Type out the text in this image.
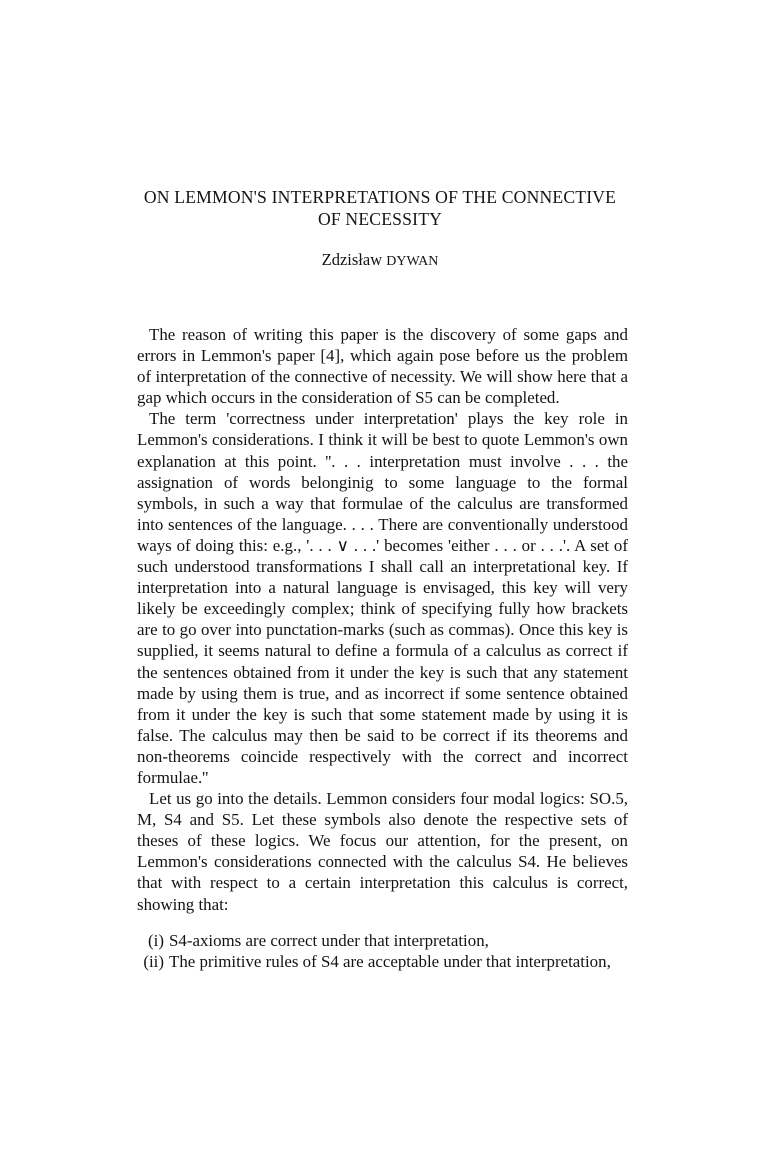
ON LEMMON'S INTERPRETATIONS OF THE CONNECTIVE
OF NECESSITY
Zdzisław DYWAN

The reason of writing this paper is the discovery of some gaps and errors in Lemmon's paper [4], which again pose before us the problem of interpretation of the connective of necessity. We will show here that a gap which occurs in the consideration of S5 can be completed.

The term 'correctness under interpretation' plays the key role in Lemmon's considerations. I think it will be best to quote Lemmon's own explanation at this point. ''. . . interpretation must involve . . . the assignation of words belonginig to some language to the formal symbols, in such a way that formulae of the calculus are transformed into sentences of the language. . . . There are conventionally understood ways of doing this: e.g., '. . . ∨ . . .' becomes 'either . . . or . . .'. A set of such understood transformations I shall call an interpretational key. If interpretation into a natural language is envisaged, this key will very likely be exceedingly complex; think of specifying fully how brackets are to go over into punctation-marks (such as commas). Once this key is supplied, it seems natural to define a formula of a calculus as correct if the sentences obtained from it under the key is such that any statement made by using them is true, and as incorrect if some sentence obtained from it under the key is such that some statement made by using it is false. The calculus may then be said to be correct if its theorems and non-theorems coincide respectively with the correct and incorrect formulae.''

Let us go into the details. Lemmon considers four modal logics: SO.5, M, S4 and S5. Let these symbols also denote the respective sets of theses of these logics. We focus our attention, for the present, on Lemmon's considerations connected with the calculus S4. He believes that with respect to a certain interpretation this calculus is correct, showing that:

(i) S4-axioms are correct under that interpretation,
(ii) The primitive rules of S4 are acceptable under that interpretation,
